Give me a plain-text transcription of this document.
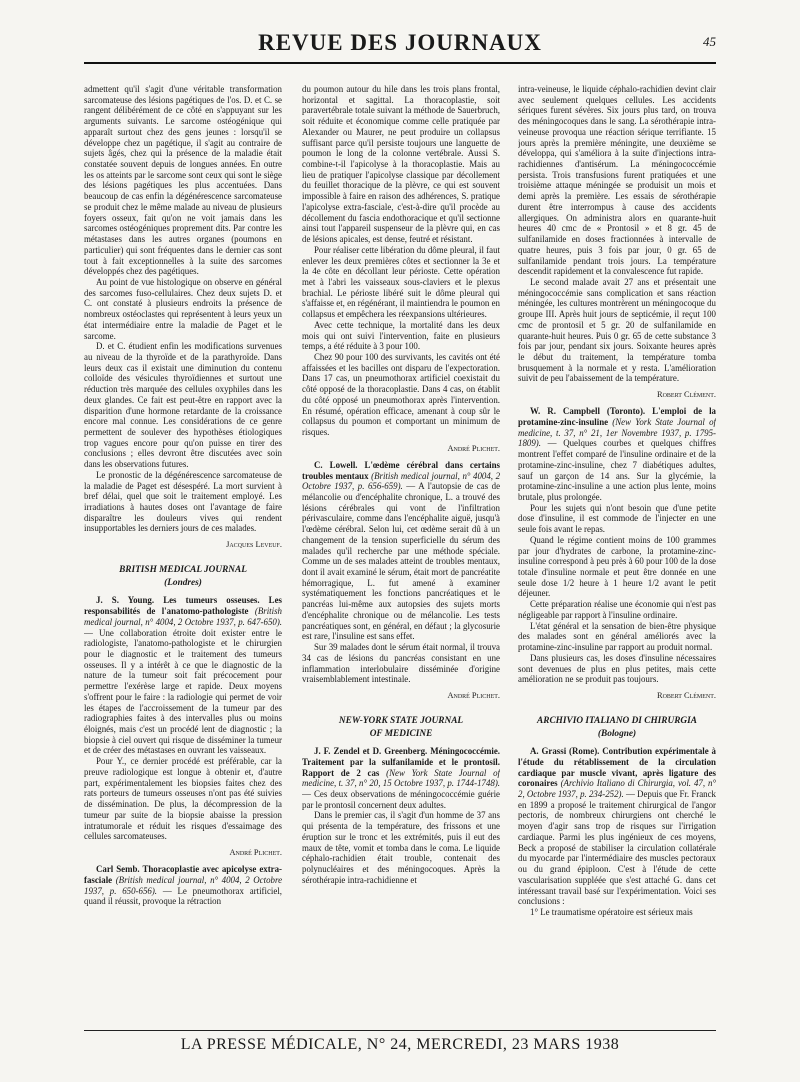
REVUE DES JOURNAUX	45

admettent qu'il s'agit d'une véritable transformation sarcomateuse des lésions pagétiques de l'os. D. et C. se rangent délibérément de ce côté en s'appuyant sur les arguments suivants. Le sarcome ostéogénique qui apparaît surtout chez des gens jeunes : lorsqu'il se développe chez un pagétique, il s'agit au contraire de sujets âgés, chez qui la présence de la maladie était constatée souvent depuis de longues années. En outre les os atteints par le sarcome sont ceux qui sont le siège des lésions pagétiques les plus accentuées. Dans beaucoup de cas enfin la dégénérescence sarcomateuse se produit chez le même malade au niveau de plusieurs foyers osseux, fait qu'on ne voit jamais dans les sarcomes ostéogéniques proprement dits. Par contre les métastases dans les autres organes (poumons en particulier) qui sont fréquentes dans le dernier cas sont tout à fait exceptionnelles à la suite des sarcomes développés chez des pagétiques.

Au point de vue histologique on observe en général des sarcomes fuso-cellulaires. Chez deux sujets D. et C. ont constaté à plusieurs endroits la présence de nombreux ostéoclastes qui représentent à leurs yeux un état intermédiaire entre la maladie de Paget et le sarcome.

D. et C. étudient enfin les modifications survenues au niveau de la thyroïde et de la parathyroïde. Dans leurs deux cas il existait une diminution du contenu colloïde des vésicules thyroïdiennes et surtout une réduction très marquée des cellules oxyphiles dans les deux glandes. Ce fait est peut-être en rapport avec la disparition d'une hormone retardante de la croissance encore mal connue. Les considérations de ce genre permettent de soulever des hypothèses étiologiques trop vagues encore pour qu'on puisse en tirer des conclusions ; elles devront être discutées avec soin dans les observations futures.

Le pronostic de la dégénérescence sarcomateuse de la maladie de Paget est désespéré. La mort survient à bref délai, quel que soit le traitement employé. Les irradiations à hautes doses ont l'avantage de faire disparaître les douleurs vives qui rendent insupportables les derniers jours de ces malades.

Jacques Leveuf.
BRITISH MEDICAL JOURNAL
(Londres)

J. S. Young. Les tumeurs osseuses. Les responsabilités de l'anatomo-pathologiste (British medical journal, n° 4004, 2 Octobre 1937, p. 647-650). — Une collaboration étroite doit exister entre le radiologiste, l'anatomo-pathologiste et le chirurgien pour le diagnostic et le traitement des tumeurs osseuses. Il y a intérêt à ce que le diagnostic de la nature de la tumeur soit fait précocement pour permettre l'exérèse large et rapide. Deux moyens s'offrent pour le faire : la radiologie qui permet de voir les étapes de l'accroissement de la tumeur par des radiographies faites à des intervalles plus ou moins éloignés, mais c'est un procédé lent de diagnostic ; la biopsie à ciel ouvert qui risque de disséminer la tumeur et de créer des métastases en ouvrant les vaisseaux.

Pour Y., ce dernier procédé est préférable, car la preuve radiologique est longue à obtenir et, d'autre part, expérimentalement les biopsies faites chez des rats porteurs de tumeurs osseuses n'ont pas été suivies de dissémination. De plus, la décompression de la tumeur par suite de la biopsie abaisse la pression intratumorale et réduit les risques d'essaimage des cellules sarcomateuses.

André Plichet.

Carl Semb. Thoracoplastie avec apicolyse extra-fasciale (British medical journal, n° 4004, 2 Octobre 1937, p. 650-656). — Le pneumothorax artificiel, quand il réussit, provoque la rétraction

du poumon autour du hile dans les trois plans frontal, horizontal et sagittal. La thoracoplastie, soit paravertébrale totale suivant la méthode de Sauerbruch, soit réduite et économique comme celle pratiquée par Alexander ou Maurer, ne peut produire un collapsus suffisant parce qu'il persiste toujours une languette de poumon le long de la colonne vertébrale. Aussi S. combine-t-il l'apicolyse à la thoracoplastie. Mais au lieu de pratiquer l'apicolyse classique par décollement du feuillet thoracique de la plèvre, ce qui est souvent impossible à faire en raison des adhérences, S. pratique l'apicolyse extra-fasciale, c'est-à-dire qu'il procède au décollement du fascia endothoracique et qu'il sectionne ainsi tout l'appareil suspenseur de la plèvre qui, en cas de lésions apicales, est dense, feutré et résistant.

Pour réaliser cette libération du dôme pleural, il faut enlever les deux premières côtes et sectionner la 3e et la 4e côte en décollant leur périoste. Cette opération met à l'abri les vaisseaux sous-claviers et le plexus brachial. Le périoste libéré suit le dôme pleural qui s'affaisse et, en régénérant, il maintiendra le poumon en collapsus et empêchera les réexpansions ultérieures.

Avec cette technique, la mortalité dans les deux mois qui ont suivi l'intervention, faite en plusieurs temps, a été réduite à 3 pour 100.

Chez 90 pour 100 des survivants, les cavités ont été affaissées et les bacilles ont disparu de l'expectoration. Dans 17 cas, un pneumothorax artificiel coexistait du côté opposé de la thoracoplastie. Dans 4 cas, on établit du côté opposé un pneumothorax après l'intervention. En résumé, opération efficace, amenant à coup sûr le collapsus du poumon et comportant un minimum de risques.

André Plichet.

C. Lowell. L'œdème cérébral dans certains troubles mentaux (British medical journal, n° 4004, 2 Octobre 1937, p. 656-659). — A l'autopsie de cas de mélancolie ou d'encéphalite chronique, L. a trouvé des lésions cérébrales qui vont de l'infiltration périvasculaire, comme dans l'encéphalite aiguë, jusqu'à l'œdème cérébral. Selon lui, cet œdème serait dû à un changement de la tension superficielle du sérum des malades qu'il recherche par une méthode spéciale. Comme un de ses malades atteint de troubles mentaux, dont il avait examiné le sérum, était mort de pancréatite hémorragique, L. fut amené à examiner systématiquement les fonctions pancréatiques et le pancréas lui-même aux autopsies des sujets morts d'encéphalite chronique ou de mélancolie. Les tests pancréatiques sont, en général, en défaut ; la glycosurie est rare, l'insuline est sans effet.

Sur 39 malades dont le sérum était normal, il trouva 34 cas de lésions du pancréas consistant en une inflammation interlobulaire disséminée d'origine vraisemblablement intestinale.

André Plichet.
NEW-YORK STATE JOURNAL
OF MEDICINE

J. F. Zendel et D. Greenberg. Méningococcémie. Traitement par la sulfanilamide et le prontosil. Rapport de 2 cas (New York State Journal of medicine, t. 37, n° 20, 15 Octobre 1937, p. 1744-1748). — Ces deux observations de méningococcémie guérie par le prontosil concernent deux adultes.

Dans le premier cas, il s'agit d'un homme de 37 ans qui présenta de la température, des frissons et une éruption sur le tronc et les extrémités, puis il eut des maux de tête, vomit et tomba dans le coma. Le liquide céphalo-rachidien était trouble, contenait des polynucléaires et des méningocoques. Après la sérothérapie intra-rachidienne et

intra-veineuse, le liquide céphalo-rachidien devint clair avec seulement quelques cellules. Les accidents sériques furent sévères. Six jours plus tard, on trouva des méningocoques dans le sang. La sérothérapie intra-veineuse provoqua une réaction sérique terrifiante. 15 jours après la première méningite, une deuxième se développa, qui s'améliora à la suite d'injections intra-rachidiennes d'antisérum. La méningococcémie persista. Trois transfusions furent pratiquées et une troisième attaque méningée se produisit un mois et demi après la première. Les essais de sérothérapie durent être interrompus à cause des accidents allergiques. On administra alors en quarante-huit heures 40 cmc de « Prontosil » et 8 gr. 45 de sulfanilamide en doses fractionnées à intervalle de quatre heures, puis 3 fois par jour, 0 gr. 65 de sulfanilamide pendant trois jours. La température descendit rapidement et la convalescence fut rapide.

Le second malade avait 27 ans et présentait une méningococcémie sans complication et sans réaction méningée, les cultures montrèrent un méningocoque du groupe III. Après huit jours de septicémie, il reçut 100 cmc de prontosil et 5 gr. 20 de sulfanilamide en quarante-huit heures. Puis 0 gr. 65 de cette substance 3 fois par jour, pendant six jours. Soixante heures après le début du traitement, la température tomba brusquement à la normale et y resta. L'amélioration suivit de peu l'abaissement de la température.

Robert Clément.

W. R. Campbell (Toronto). L'emploi de la protamine-zinc-insuline (New York State Journal of medicine, t. 37, n° 21, 1er Novembre 1937, p. 1795-1809). — Quelques courbes et quelques chiffres montrent l'effet comparé de l'insuline ordinaire et de la protamine-zinc-insuline, chez 7 diabétiques adultes, sauf un garçon de 14 ans. Sur la glycémie, la protamine-zinc-insuline a une action plus lente, moins brutale, plus prolongée.

Pour les sujets qui n'ont besoin que d'une petite dose d'insuline, il est commode de l'injecter en une seule fois avant le repas.

Quand le régime contient moins de 100 grammes par jour d'hydrates de carbone, la protamine-zinc-insuline correspond à peu près à 60 pour 100 de la dose totale d'insuline normale et peut être donnée en une seule dose 1/2 heure à 1 heure 1/2 avant le petit déjeuner.

Cette préparation réalise une économie qui n'est pas négligeable par rapport à l'insuline ordinaire.

L'état général et la sensation de bien-être physique des malades sont en général améliorés avec la protamine-zinc-insuline par rapport au produit normal.

Dans plusieurs cas, les doses d'insuline nécessaires sont devenues de plus en plus petites, mais cette amélioration ne se produit pas toujours.

Robert Clément.
ARCHIVIO ITALIANO DI CHIRURGIA
(Bologne)

A. Grassi (Rome). Contribution expérimentale à l'étude du rétablissement de la circulation cardiaque par muscle vivant, après ligature des coronaires (Archivio Italiano di Chirurgia, vol. 47, n° 2, Octobre 1937, p. 234-252). — Depuis que Fr. Franck en 1899 a proposé le traitement chirurgical de l'angor pectoris, de nombreux chirurgiens ont cherché le moyen d'agir sans trop de risques sur l'irrigation cardiaque. Parmi les plus ingénieux de ces moyens, Beck a proposé de stabiliser la circulation collatérale du myocarde par l'intermédiaire des muscles pectoraux ou du grand épiploon. C'est à l'étude de cette vascularisation suppléée que s'est attaché G. dans cet intéressant travail basé sur l'expérimentation. Voici ses conclusions :

1° Le traumatisme opératoire est sérieux mais

LA PRESSE MÉDICALE, N° 24, MERCREDI, 23 MARS 1938
